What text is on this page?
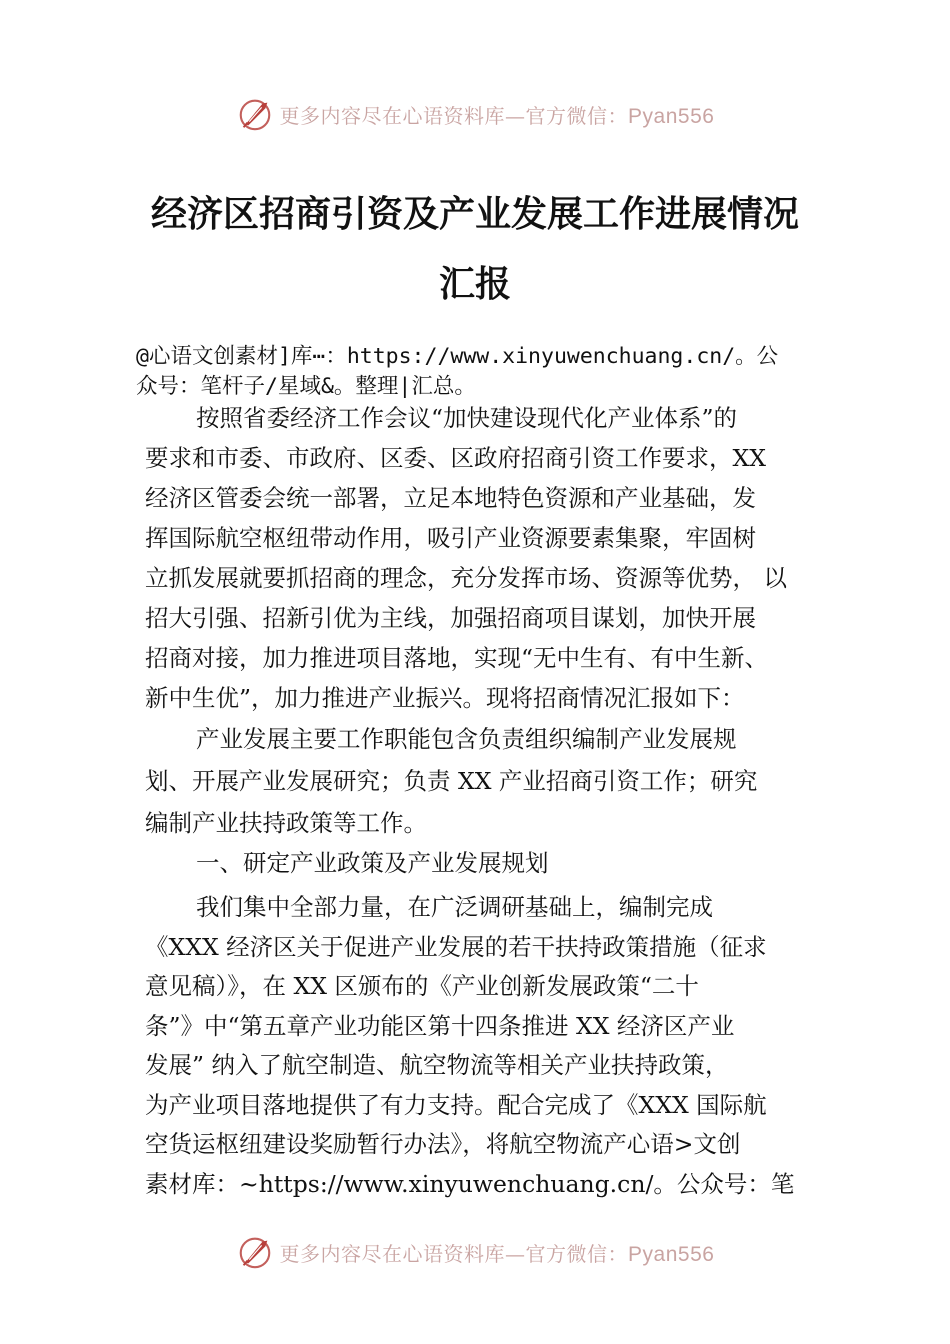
更多内容尽在心语资料库—官方微信：Pyan556
经济区招商引资及产业发展工作进展情况
汇报
@心语文创素材]库⋯：https://www.xinyuwenchuang.cn/。公
众号：笔杆子/星域&。整理|汇总。
按照省委经济工作会议“加快建设现代化产业体系”的
要求和市委、市政府、区委、区政府招商引资工作要求，XX
经济区管委会统一部署，立足本地特色资源和产业基础，发
挥国际航空枢纽带动作用，吸引产业资源要素集聚，牢固树
立抓发展就要抓招商的理念，充分发挥市场、资源等优势， 以
招大引强、招新引优为主线，加强招商项目谋划，加快开展
招商对接，加力推进项目落地，实现“无中生有、有中生新、
新中生优”，加力推进产业振兴。现将招商情况汇报如下：
产业发展主要工作职能包含负责组织编制产业发展规
划、开展产业发展研究；负责 XX 产业招商引资工作；研究
编制产业扶持政策等工作。
一、研定产业政策及产业发展规划
我们集中全部力量，在广泛调研基础上，编制完成
《XXX 经济区关于促进产业发展的若干扶持政策措施（征求
意见稿）》，在 XX 区颁布的《产业创新发展政策“二十
条”》中“第五章产业功能区第十四条推进 XX 经济区产业
发展” 纳入了航空制造、航空物流等相关产业扶持政策，
为产业项目落地提供了有力支持。配合完成了《XXX 国际航
空货运枢纽建设奖励暂行办法》，将航空物流产心语>文创
素材库：~https://www.xinyuwenchuang.cn/。公众号：笔
更多内容尽在心语资料库—官方微信：Pyan556
